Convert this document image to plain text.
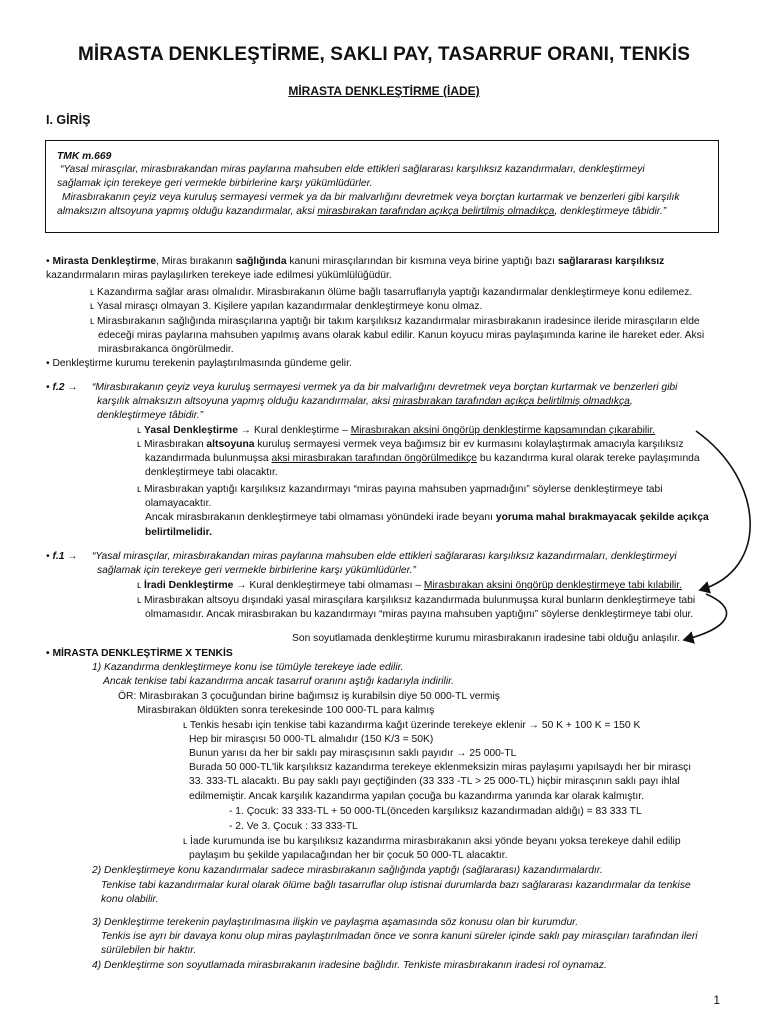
MİRASTA DENKLEŞTİRME, SAKLI PAY, TASARRUF ORANI, TENKİS
MİRASTA DENKLEŞTİRME (İADE)
I. GİRİŞ
TMK m.669
“Yasal mirasçılar, mirasbırakandan miras paylarına mahsuben elde ettikleri sağlararası karşılıksız kazandırmaları, denkleştirmeyi
sağlamak için terekeye geri vermekle birbirlerine karşı yükümlüdürler.
Mirasbırakanın çeyiz veya kuruluş sermayesi vermek ya da bir malvarlığını devretmek veya borçtan kurtarmak ve benzerleri gibi karşılık
almaksızın altsoyuna yapmış olduğu kazandırmalar, aksi mirasbırakan tarafından açıkça belirtilmiş olmadıkça, denkleştirmeye tâbidir.”
• Mirasta Denkleştirme, Miras bırakanın sağlığında kanuni mirasçılarından bir kısmına veya birine yaptığı bazı sağlararası karşılıksız
kazandırmaların miras paylaşılırken terekeye iade edilmesi yükümlülüğüdür.
ʟ Kazandırma sağlar arası olmalıdır. Mirasbırakanın ölüme bağlı tasarruflarıyla yaptığı kazandırmalar denkleştirmeye konu edilemez.
ʟ Yasal mirasçı olmayan 3. Kişilere yapılan kazandırmalar denkleştirmeye konu olmaz.
ʟ Mirasbırakanın sağlığında mirasçılarına yaptığı bir takım karşılıksız kazandırmalar mirasbırakanın iradesince ileride mirasçıların elde
edeceği miras paylarına mahsuben yapılmış avans olarak kabul edilir. Kanun koyucu miras paylaşımında karine ile hareket eder. Aksi
mirasbırakanca öngörülmedir.
• Denkleştirme kurumu terekenin paylaştırılmasında gündeme gelir.
• f.2 → “Mirasbırakanın çeyiz veya kuruluş sermayesi vermek ya da bir malvarlığını devretmek veya borçtan kurtarmak ve benzerleri gibi
karşılık almaksızın altsoyuna yapmış olduğu kazandırmalar, aksi mirasbırakan tarafından açıkça belirtilmiş olmadıkça,
denkleştirmeye tâbidir.”
ʟ Yasal Denkleştirme → Kural denkleştirme – Mirasbırakan aksini öngörüp denkleştirme kapsamından çıkarabilir.
ʟ Mirasbırakan altsoyuna kuruluş sermayesi vermek veya bağımsız bir ev kurmasını kolaylaştırmak amacıyla karşılıksız
kazandırmada bulunmuşsa aksi mirasbırakan tarafından öngörülmedikçe bu kazandırma kural olarak tereke paylaşımında
denkleştirmeye tabi olacaktır.
ʟ Mirasbırakan yaptığı karşılıksız kazandırmayı “miras payına mahsuben yapmadığını” söylerse denkleştirmeye tabi
olamayacaktır.
Ancak mirasbırakanın denkleştirmeye tabi olmaması yönündeki irade beyanı yoruma mahal bırakmayacak şekilde açıkça
belirtilmelidir.
• f.1 → “Yasal mirasçılar, mirasbırakandan miras paylarına mahsuben elde ettikleri sağlararası karşılıksız kazandırmaları, denkleştirmeyi
sağlamak için terekeye geri vermekle birbirlerine karşı yükümlüdürler.”
ʟ İradi Denkleştirme → Kural denkleştirmeye tabi olmaması – Mirasbırakan aksini öngörüp denkleştirmeye tabi kılabilir.
ʟ Mirasbırakan altsoyu dışındaki yasal mirasçılara karşılıksız kazandırmada bulunmuşsa kural bunların denkleştirmeye tabi
olmamasıdır. Ancak mirasbırakan bu kazandırmayı “miras payına mahsuben yaptığını” söylerse denkleştirmeye tabi olur.
Son soyutlamada denkleştirme kurumu mirasbırakanın iradesine tabi olduğu anlaşılır.
• MİRASTA DENKLEŞTİRME X TENKİS
1) Kazandırma denkleştirmeye konu ise tümüyle terekeye iade edilir.
Ancak tenkise tabi kazandırma ancak tasarruf oranını aştığı kadarıyla indirilir.
ÖR: Mirasbırakan 3 çocuğundan birine bağımsız iş kurabilsin diye 50 000-TL vermiş
Mirasbırakan öldükten sonra terekesinde 100 000-TL para kalmış
ʟ Tenkis hesabı için tenkise tabi kazandırma kağıt üzerinde terekeye eklenir → 50 K + 100 K = 150 K
Hep bir mirasçısı 50 000-TL almalıdır (150 K/3 = 50K)
Bunun yarısı da her bir saklı pay mirasçısının saklı payıdır → 25 000-TL
Burada 50 000-TL'lik karşılıksız kazandırma terekeye eklenmeksizin miras paylaşımı yapılsaydı her bir mirasçı
33. 333-TL alacaktı. Bu pay saklı payı geçtiğinden (33 333 -TL > 25 000-TL) hiçbir mirasçının saklı payı ihlal
edilmemiştir. Ancak karşılık kazandırma yapılan çocuğa bu kazandırma yanında kar olarak kalmıştır.
- 1. Çocuk: 33 333-TL + 50 000-TL(önceden karşılıksız kazandırmadan aldığı) = 83 333 TL
- 2. Ve 3. Çocuk : 33 333-TL
ʟ İade kurumunda ise bu karşılıksız kazandırma mirasbırakanın aksi yönde beyanı yoksa terekeye dahil edilip
paylaşım bu şekilde yapılacağından her bir çocuk 50 000-TL alacaktır.
2) Denkleştirmeye konu kazandırmalar sadece mirasbırakanın sağlığında yaptığı (sağlararası) kazandırmalardır.
Tenkise tabi kazandırmalar kural olarak ölüme bağlı tasarruflar olup istisnai durumlarda bazı sağlararası kazandırmalar da tenkise
konu olabilir.
3) Denkleştirme terekenin paylaştırılmasına ilişkin ve paylaşma aşamasında söz konusu olan bir kurumdur.
Tenkis ise ayrı bir davaya konu olup miras paylaştırılmadan önce ve sonra kanuni süreler içinde saklı pay mirasçıları tarafından ileri
sürülebilen bir haktır.
4) Denkleştirme son soyutlamada mirasbırakanın iradesine bağlıdır. Tenkiste mirasbırakanın iradesi rol oynamaz.
1
